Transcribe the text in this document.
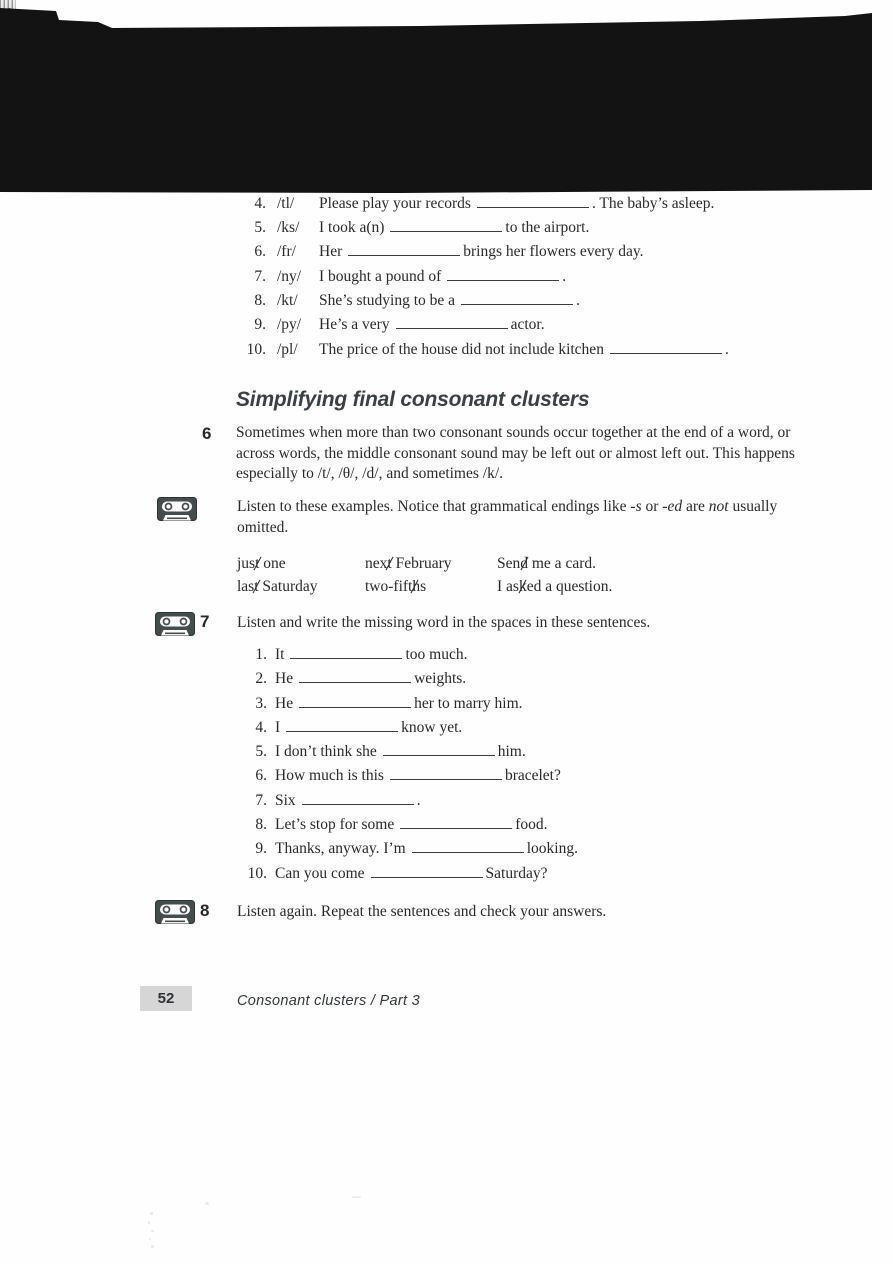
4. /tl/	Please play your records	. The baby’s asleep.
5. /ks/	I took a(n)	to the airport.
6. /fr/	Her	brings her flowers every day.
7. /ny/	I bought a pound of	.
8. /kt/	She’s studying to be a	.
9. /py/	He’s a very	actor.
10. /pl/	The price of the house did not include kitchen	.
Simplifying final consonant clusters
6 Sometimes when more than two consonant sounds occur together at the end of a word, or across words, the middle consonant sound may be left out or almost left out. This happens especially to /t/, /θ/, /d/, and sometimes /k/.
Listen to these examples. Notice that grammatical endings like -s or -ed are not usually omitted.
just one	next February	Send me a card.
last Saturday	two-fifths	I asked a question.
7 Listen and write the missing word in the spaces in these sentences.
1. It	too much.
2. He	weights.
3. He	her to marry him.
4. I	know yet.
5. I don’t think she	him.
6. How much is this	bracelet?
7. Six	.
8. Let’s stop for some	food.
9. Thanks, anyway. I’m	looking.
10. Can you come	Saturday?
8 Listen again. Repeat the sentences and check your answers.
52	Consonant clusters / Part 3
